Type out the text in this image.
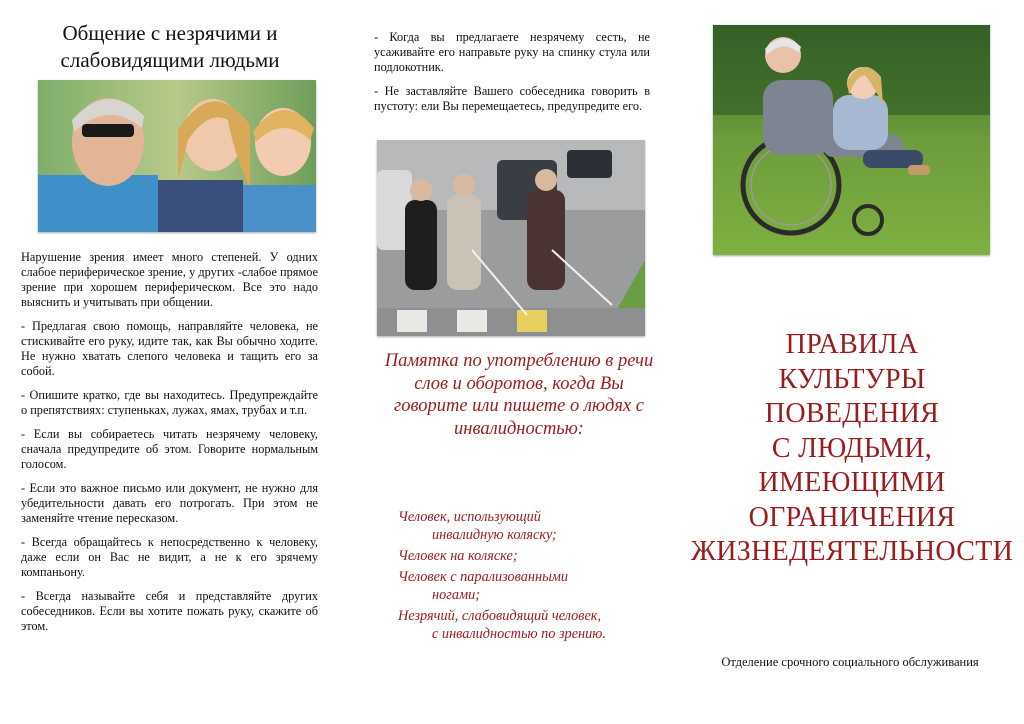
Общение с незрячими и слабовидящими людьми

Нарушение зрения имеет много степеней. У одних слабое периферическое зрение, у других -слабое прямое зрение при хорошем периферическом. Все это надо выяснить и учитывать при общении.

- Предлагая свою помощь, направляйте человека, не стискивайте его руку, идите так, как Вы обычно ходите. Не нужно хватать слепого человека и тащить его за собой.

- Опишите кратко, где вы находитесь. Предупреждайте о препятствиях: ступеньках, лужах, ямах, трубах и т.п.

- Если вы собираетесь читать незрячему человеку, сначала предупредите об этом. Говорите нормальным голосом.

- Если это важное письмо или документ, не нужно для убедительности давать его потрогать. При этом не заменяйте чтение пересказом.

- Всегда обращайтесь к непосредственно к человеку, даже если он Вас не видит, а не к его зрячему компаньону.

- Всегда называйте себя и представляйте других собеседников. Если вы хотите пожать руку, скажите об этом.

- Когда вы предлагаете незрячему сесть, не усаживайте его направьте руку на спинку стула или подлокотник.

- Не заставляйте Вашего собеседника говорить в пустоту: ели Вы перемещаетесь, предупредите его.

Памятка по употреблению в речи слов и оборотов, когда Вы говорите или пишете о людях с инвалидностью:
Человек, использующий
инвалидную коляску;
Человек на коляске;
Человек с парализованными
ногами;
Незрячий, слабовидящий человек,
с инвалидностью по зрению.
ПРАВИЛА
КУЛЬТУРЫ
ПОВЕДЕНИЯ
С ЛЮДЬМИ,
ИМЕЮЩИМИ
ОГРАНИЧЕНИЯ
ЖИЗНЕДЕЯТЕЛЬНОСТИ
Отделение срочного социального обслуживания
